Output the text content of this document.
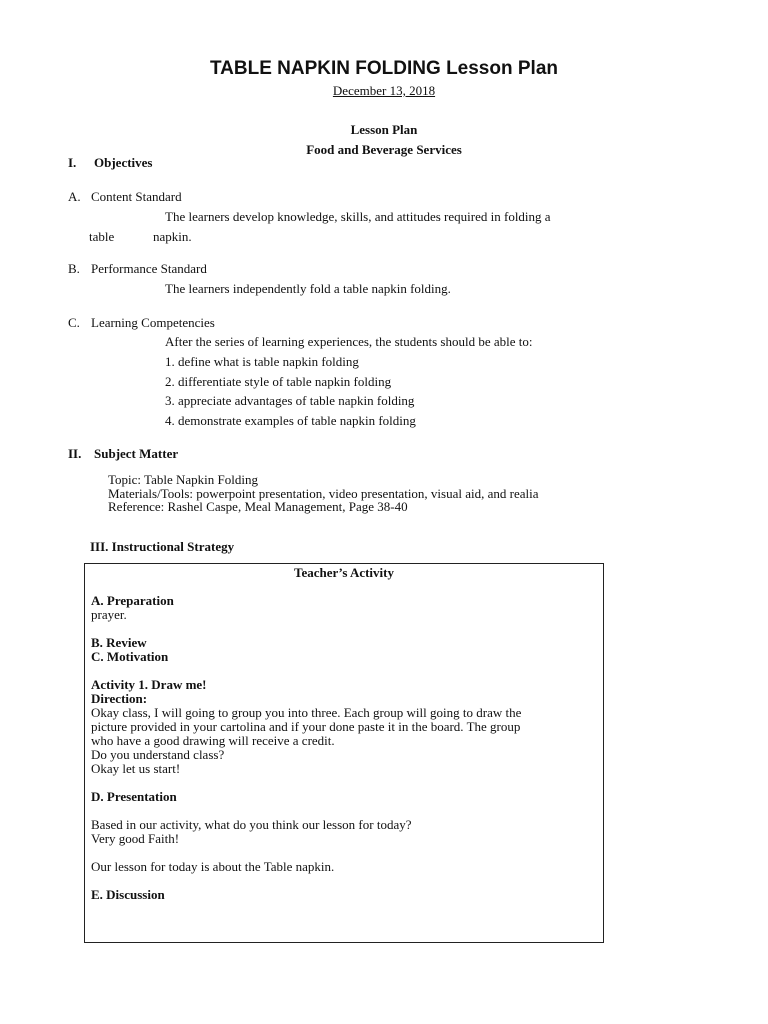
TABLE NAPKIN FOLDING Lesson Plan
December 13, 2018
Lesson Plan
Food and Beverage Services
I. Objectives
A. Content Standard
The learners develop knowledge, skills, and attitudes required in folding a
table	napkin.
B. Performance Standard
The learners independently fold a table napkin folding.
C. Learning Competencies
After the series of learning experiences, the students should be able to:
1. define what is table napkin folding
2. differentiate style of table napkin folding
3. appreciate advantages of table napkin folding
4. demonstrate examples of table napkin folding
II. Subject Matter
Topic: Table Napkin Folding
Materials/Tools: powerpoint presentation, video presentation, visual aid, and realia
Reference: Rashel Caspe, Meal Management, Page 38-40
III. Instructional Strategy
Teacher’s Activity
A. Preparation
prayer.
B. Review
C. Motivation
Activity 1. Draw me!
Direction:
Okay class, I will going to group you into three. Each group will going to draw the
picture provided in your cartolina and if your done paste it in the board. The group
who have a good drawing will receive a credit.
Do you understand class?
Okay let us start!
D. Presentation
Based in our activity, what do you think our lesson for today?
Very good Faith!
Our lesson for today is about the Table napkin.
E. Discussion
